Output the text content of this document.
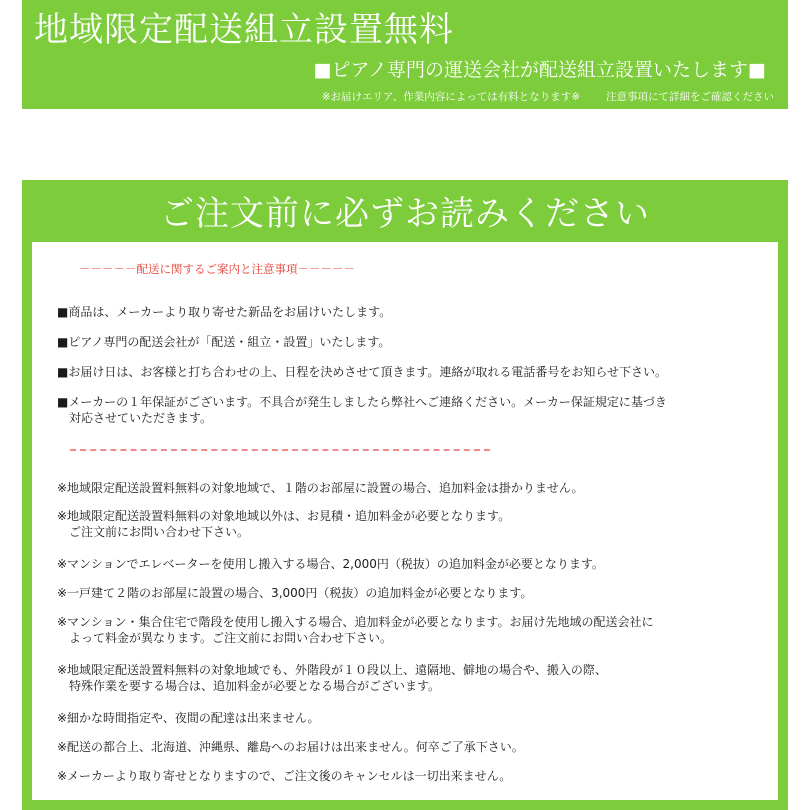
地域限定配送組立設置無料
■ピアノ専門の運送会社が配送組立設置いたします■
※お届けエリア、作業内容によっては有料となります※ 注意事項にて詳細をご確認ください
ご注文前に必ずお読みください
－－－－－配送に関するご案内と注意事項－－－－－
■商品は、メーカーより取り寄せた新品をお届けいたします。
■ピアノ専門の配送会社が「配送・組立・設置」いたします。
■お届け日は、お客様と打ち合わせの上、日程を決めさせて頂きます。連絡が取れる電話番号をお知らせ下さい。
■メーカーの１年保証がございます。不具合が発生しましたら弊社へご連絡ください。メーカー保証規定に基づき
対応させていただきます。
※地域限定配送設置料無料の対象地域で、１階のお部屋に設置の場合、追加料金は掛かりません。
※地域限定配送設置料無料の対象地域以外は、お見積・追加料金が必要となります。
ご注文前にお問い合わせ下さい。
※マンションでエレベーターを使用し搬入する場合、2,000円（税抜）の追加料金が必要となります。
※一戸建て２階のお部屋に設置の場合、3,000円（税抜）の追加料金が必要となります。
※マンション・集合住宅で階段を使用し搬入する場合、追加料金が必要となります。お届け先地域の配送会社に
よって料金が異なります。ご注文前にお問い合わせ下さい。
※地域限定配送設置料無料の対象地域でも、外階段が１０段以上、遠隔地、僻地の場合や、搬入の際、
特殊作業を要する場合は、追加料金が必要となる場合がございます。
※細かな時間指定や、夜間の配達は出来ません。
※配送の都合上、北海道、沖縄県、離島へのお届けは出来ません。何卒ご了承下さい。
※メーカーより取り寄せとなりますので、ご注文後のキャンセルは一切出来ません。
